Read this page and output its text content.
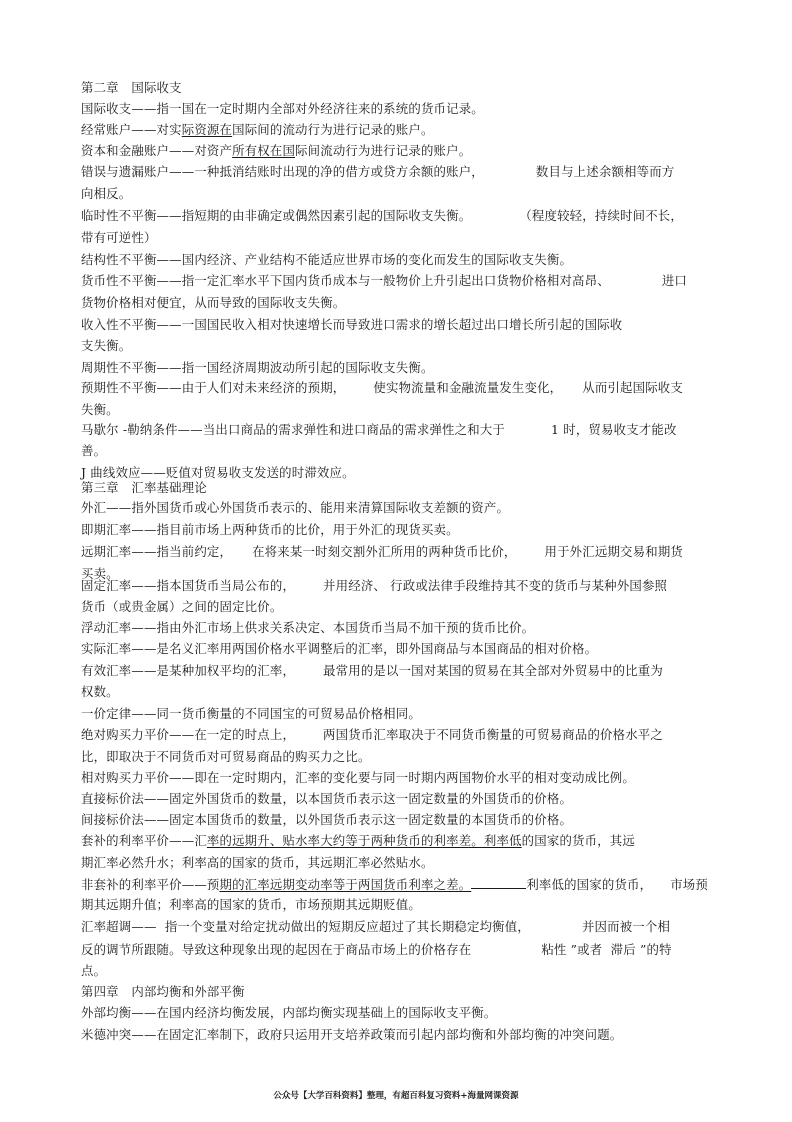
第二章　国际收支
国际收支——指一国在一定时期内全部对外经济往来的系统的货币记录。
经常账户——对实际资源在国际间的流动行为进行记录的账户。
资本和金融账户——对资产所有权在国际间流动行为进行记录的账户。
错误与遗漏账户——一种抵消结账时出现的净的借方或贷方余额的账户，	数目与上述余额相等而方
向相反。
临时性不平衡——指短期的由非确定或偶然因素引起的国际收支失衡。	（程度较轻，持续时间不长，
带有可逆性）
结构性不平衡——国内经济、产业结构不能适应世界市场的变化而发生的国际收支失衡。
货币性不平衡——指一定汇率水平下国内货币成本与一般物价上升引起出口货物价格相对高昂、	进口
货物价格相对便宜，从而导致的国际收支失衡。
收入性不平衡——一国国民收入相对快速增长而导致进口需求的增长超过出口增长所引起的国际收
支失衡。
周期性不平衡——指一国经济周期波动所引起的国际收支失衡。
预期性不平衡——由于人们对未来经济的预期， 使实物流量和金融流量发生变化， 从而引起国际收支
失衡。
马歇尔 -勒纳条件——当出口商品的需求弹性和进口商品的需求弹性之和大于	1 时，贸易收支才能改
善。
J 曲线效应——贬值对贸易收支发送的时滞效应。
第三章　汇率基础理论
外汇——指外国货币或心外国货币表示的、能用来清算国际收支差额的资产。
即期汇率——指目前市场上两种货币的比价，用于外汇的现货买卖。
远期汇率——指当前约定， 在将来某一时刻交割外汇所用的两种货币比价， 用于外汇远期交易和期货
买卖。
固定汇率——指本国货币当局公布的， 并用经济、 行政或法律手段维持其不变的货币与某种外国参照
货币（或贵金属）之间的固定比价。
浮动汇率——指由外汇市场上供求关系决定、本国货币当局不加干预的货币比价。
实际汇率——是名义汇率用两国价格水平调整后的汇率，即外国商品与本国商品的相对价格。
有效汇率——是某种加权平均的汇率， 最常用的是以一国对某国的贸易在其全部对外贸易中的比重为
权数。
一价定律——同一货币衡量的不同国宝的可贸易品价格相同。
绝对购买力平价——在一定的时点上， 两国货币汇率取决于不同货币衡量的可贸易商品的价格水平之
比，即取决于不同货币对可贸易商品的购买力之比。
相对购买力平价——即在一定时期内，汇率的变化要与同一时期内两国物价水平的相对变动成比例。
直接标价法——固定外国货币的数量，以本国货币表示这一固定数量的外国货币的价格。
间接标价法——固定本国货币的数量，以外国货币表示这一固定数量的本国货币的价格。
套补的利率平价——汇率的远期升、贴水率大约等于两种货币的利率差。利率低的国家的货币，其远
期汇率必然升水；利率高的国家的货币，其远期汇率必然贴水。
非套补的利率平价——预期的汇率远期变动率等于两国货币利率之差。	利率低的国家的货币， 市场预
期其远期升值；利率高的国家的货币，市场预期其远期贬值。
汇率超调——  指一个变量对给定扰动做出的短期反应超过了其长期稳定均衡值，	并因而被一个相
反的调节所跟随。导致这种现象出现的起因在于商品市场上的价格存在	粘性 ”或者  滞后 ”的特
点。
第四章　内部均衡和外部平衡
外部均衡——在国内经济均衡发展，内部均衡实现基础上的国际收支平衡。
米德冲突——在固定汇率制下，政府只运用开支培养政策而引起内部均衡和外部均衡的冲突问题。
公众号【大学百科资料】整理，有超百科复习资料+海量网课资源
